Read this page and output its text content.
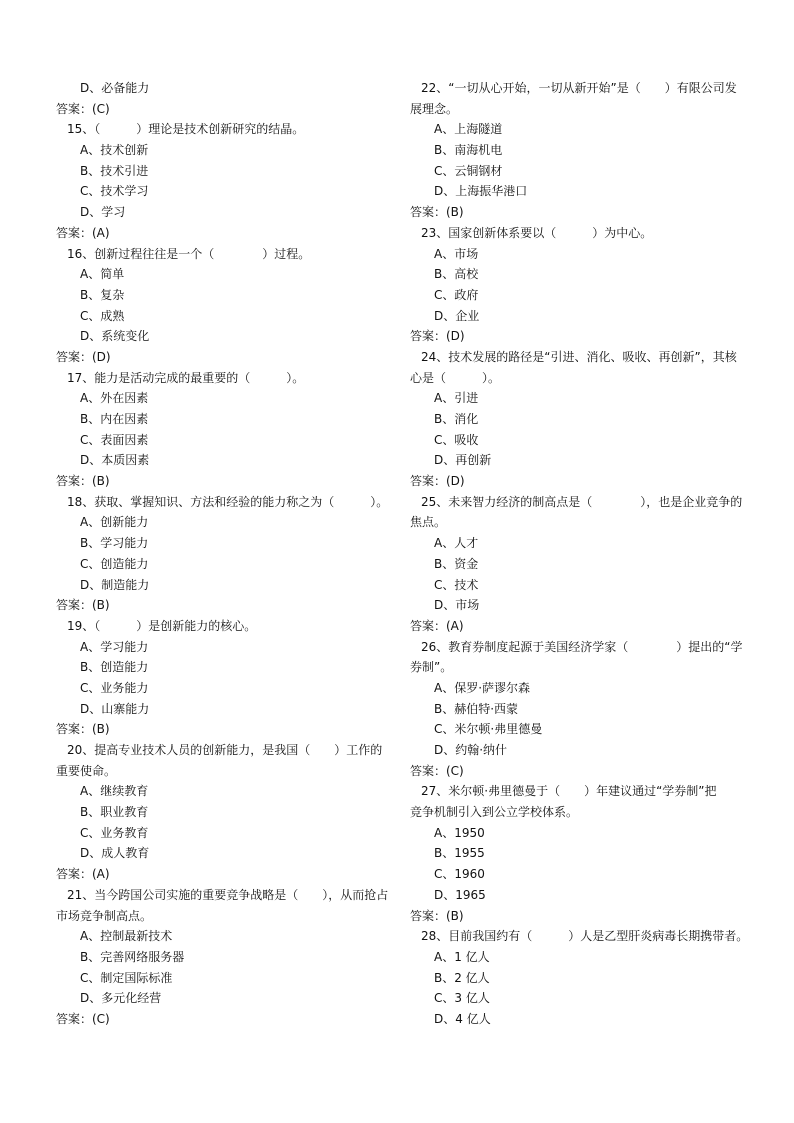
D、必备能力
答案：(C)
15、（　　　）理论是技术创新研究的结晶。
A、技术创新
B、技术引进
C、技术学习
D、学习
答案：(A)
16、创新过程往往是一个（　　　　）过程。
A、简单
B、复杂
C、成熟
D、系统变化
答案：(D)
17、能力是活动完成的最重要的（　　　）。
A、外在因素
B、内在因素
C、表面因素
D、本质因素
答案：(B)
18、获取、掌握知识、方法和经验的能力称之为（　　　）。
A、创新能力
B、学习能力
C、创造能力
D、制造能力
答案：(B)
19、（　　　）是创新能力的核心。
A、学习能力
B、创造能力
C、业务能力
D、山寨能力
答案：(B)
20、提高专业技术人员的创新能力，是我国（　　）工作的
重要使命。
A、继续教育
B、职业教育
C、业务教育
D、成人教育
答案：(A)
21、当今跨国公司实施的重要竞争战略是（　　），从而抢占
市场竞争制高点。
A、控制最新技术
B、完善网络服务器
C、制定国际标准
D、多元化经营
答案：(C)
22、“一切从心开始，一切从新开始”是（　　）有限公司发
展理念。
A、上海隧道
B、南海机电
C、云铜钢材
D、上海振华港口
答案：(B)
23、国家创新体系要以（　　　）为中心。
A、市场
B、高校
C、政府
D、企业
答案：(D)
24、技术发展的路径是“引进、消化、吸收、再创新”，其核
心是（　　　）。
A、引进
B、消化
C、吸收
D、再创新
答案：(D)
25、未来智力经济的制高点是（　　　　），也是企业竞争的
焦点。
A、人才
B、资金
C、技术
D、市场
答案：(A)
26、教育券制度起源于美国经济学家（　　　　）提出的“学
券制”。
A、保罗·萨谬尔森
B、赫伯特·西蒙
C、米尔顿·弗里德曼
D、约翰·纳什
答案：(C)
27、米尔顿·弗里德曼于（　　）年建议通过“学券制”把
竞争机制引入到公立学校体系。
A、1950
B、1955
C、1960
D、1965
答案：(B)
28、目前我国约有（　　　）人是乙型肝炎病毒长期携带者。
A、1 亿人
B、2 亿人
C、3 亿人
D、4 亿人
